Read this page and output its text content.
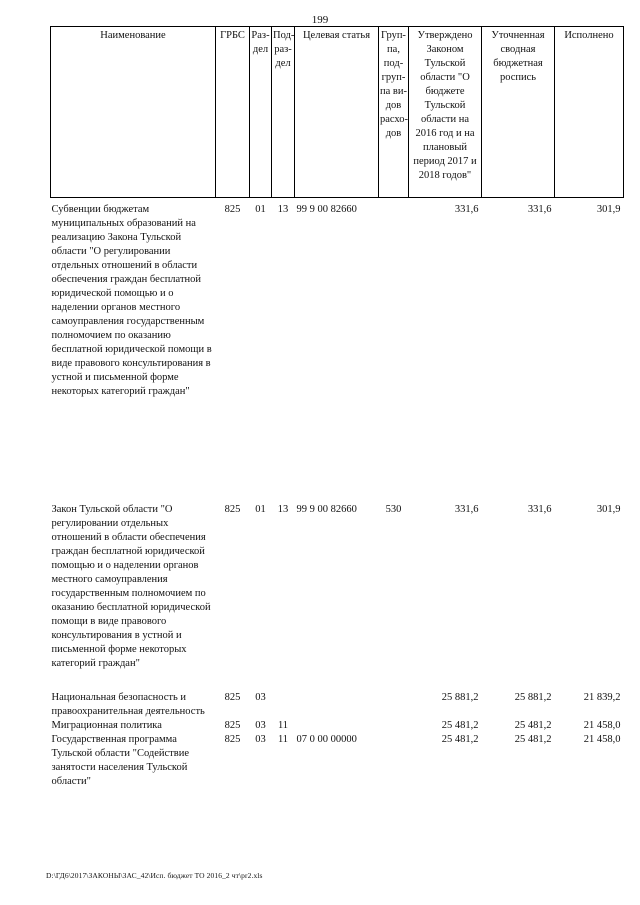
199
Наименование	ГРБС	Раз-дел	Под-раз-дел	Целевая статья	Груп-па, под-груп-па ви-дов расхо-дов	Утверждено Законом Тульской области "О бюджете Тульской области на 2016 год и на плановый период 2017 и 2018 годов"	Уточненная сводная бюджетная роспись	Исполнено
Субвенции бюджетам муниципальных образований на реализацию Закона Тульской области "О регулировании отдельных отношений в области обеспечения граждан бесплатной юридической помощью и о наделении органов местного самоуправления государственным полномочием по оказанию бесплатной юридической помощи в виде правового консультирования в устной и письменной форме некоторых категорий граждан"	825	01	13	99 9 00 82660		331,6	331,6	301,9

Закон Тульской области "О регулировании отдельных отношений в области обеспечения граждан бесплатной юридической помощью и о наделении органов местного самоуправления государственным полномочием по оказанию бесплатной юридической помощи в виде правового консультирования в устной и письменной форме некоторых категорий граждан"	825	01	13	99 9 00 82660	530	331,6	331,6	301,9

Национальная безопасность и правоохранительная деятельность	825	03				25 881,2	25 881,2	21 839,2
Миграционная политика	825	03	11			25 481,2	25 481,2	21 458,0
Государственная программа Тульской области "Содействие занятости населения Тульской области"	825	03	11	07 0 00 00000		25 481,2	25 481,2	21 458,0
D:\ГД6\2017\ЗАКОНЫ\ЗАС_42\Исп. бюджет ТО 2016_2 чт\pr2.xls
